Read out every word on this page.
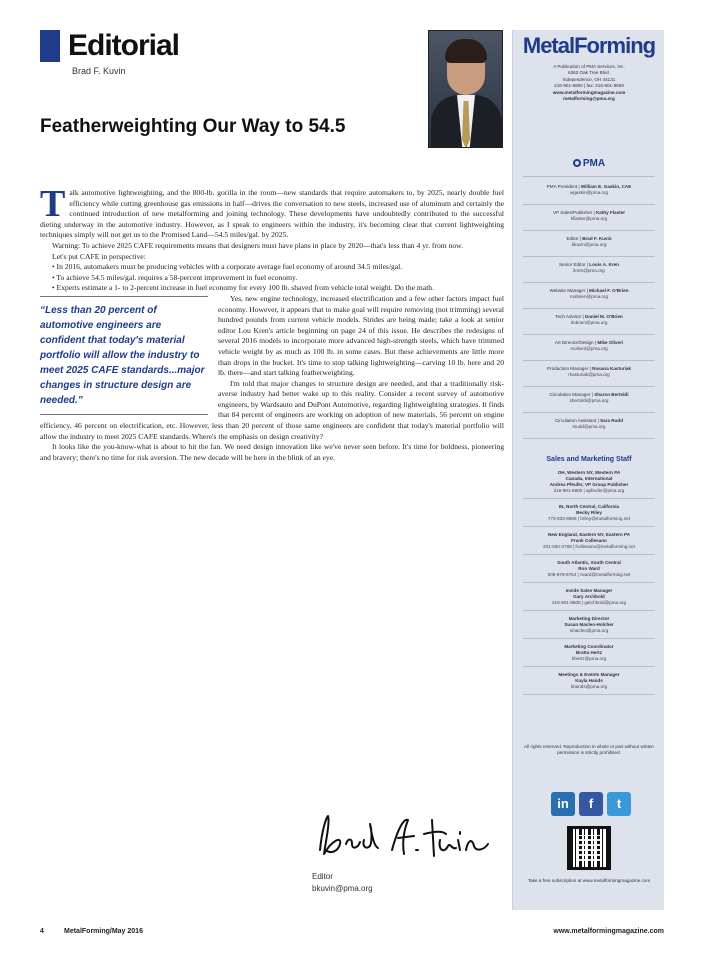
Editorial
Brad F. Kuvin
Featherweighting Our Way to 54.5

Talk automotive lightweighting, and the 800-lb. gorilla in the room—new standards that require automakers to, by 2025, nearly double fuel efficiency while cutting greenhouse gas emissions in half—drives the conversation to new steels, increased use of aluminum and certainly the continued introduction of new metalforming and joining technology. These developments have undoubtedly contributed to the successful dieting underway in the automotive industry. However, as I speak to engineers within the industry, it's becoming clear that current lightweighting techniques simply will not get us to the Promised Land—54.5 miles/gal. by 2025.

Warning: To achieve 2025 CAFE requirements means that designers must have plans in place by 2020—that's less than 4 yr. from now.

Let's put CAFE in perspective:

• In 2016, automakers must be producing vehicles with a corporate average fuel economy of around 34.5 miles/gal.

• To achieve 54.5 miles/gal. requires a 58-percent improvement in fuel economy.

• Experts estimate a 1- to 2-percent increase in fuel economy for every 100 lb. shaved from vehicle total weight. Do the math.

“Less than 20 percent of automotive engineers are confident that today's material portfolio will allow the industry to meet 2025 CAFE standards...major changes in structure design are needed.”

Yes, new engine technology, increased electrification and a few other factors impact fuel economy. However, it appears that to make goal will require removing (not trimming) several hundred pounds from current vehicle models. Strides are being made; take a look at senior editor Lou Kren's article beginning on page 24 of this issue. He describes the redesigns of several 2016 models to incorporate more advanced high-strength steels, which have trimmed vehicle weight by as much as 100 lb. in some cases. But these achievements are little more than drops in the bucket. It's time to stop talking lightweighting—carving 10 lb. here and 20 lb. there—and start talking featherweighting.

I'm told that major changes to structure design are needed, and that a traditionally risk-averse industry had better wake up to this reality. Consider a recent survey of automotive engineers, by Wardsauto and DuPont Automotive, regarding lightweighting strategies. It finds that 84 percent of engineers are working on adoption of new materials, 56 percent on engine efficiency, 46 percent on electrification, etc. However, less than 20 percent of those same engineers are confident that today's material portfolio will allow the industry to meet 2025 CAFE standards. Where's the emphasis on design creativity?

It looks like the you-know-what is about to hit the fan. We need design innovation like we've never seen before. It's time for boldness, pioneering and bravery; there's no time for risk aversion. The new decade will be here in the blink of an eye.

Editor
bkuvin@pma.org
4	MetalForming/May 2016	www.metalformingmagazine.com
MetalForming
A Publication of PMA Services, Inc.
6363 Oak Tree Blvd.
Independence, OH 44131
216-901-8800 | fax: 216-901-9669
www.metalformingmagazine.com
metalforming@pma.org
PMA
PMA President | William E. Gaskin, CAE
wgaskin@pma.org
VP Sales/Publisher | Kathy Flaster
kflaster@pma.org
Editor | Brad F. Kuvin
bkuvin@pma.org
Senior Editor | Louis A. Kren
lkren@pma.org
Website Manager | Michael F. O'Brien
mobrien@pma.org
Tech Advisor | Daniel M. O'Brien
dobrien@pma.org
Art Director/Design | Mike Oliveri
moliveri@pma.org
Production Manager | Rosana Kasturiak
rkasturiak@pma.org
Circulation Manager | Sharon Bertoldi
sbertoldi@pma.org
Circulation Assistant | Sara Rudd
srudd@pma.org
Sales and Marketing Staff
OH, Western NY, Western PA
Canada, International
Andrea Pfeufer, VP Group Publisher
216-901-8800 | apfeufer@pma.org
IN, North Central, California
Becky Riley
773-633-9966 | briley@metalforming.net
New England, Eastern NY, Eastern PA
Frank Collesano
201-930-3788 | fcollesano@metalforming.net
South Atlantic, South Central
Ron Ward
608-879-9754 | rward@metalforming.net
Inside Sales Manager
Gary Archbold
216-901-8800 | garchbold@pma.org
Marketing Director
Susan Macleo-Holcher
smacleo@pma.org
Marketing Coordinator
Bratta Hertz
bhertz@pma.org
Meetings & Events Manager
Kayla Hands
khands@pma.org
All rights reserved. Reproduction in whole or part without written permission is strictly prohibited.
in	f	t
Take a free subscription at www.metalformingmagazine.com
